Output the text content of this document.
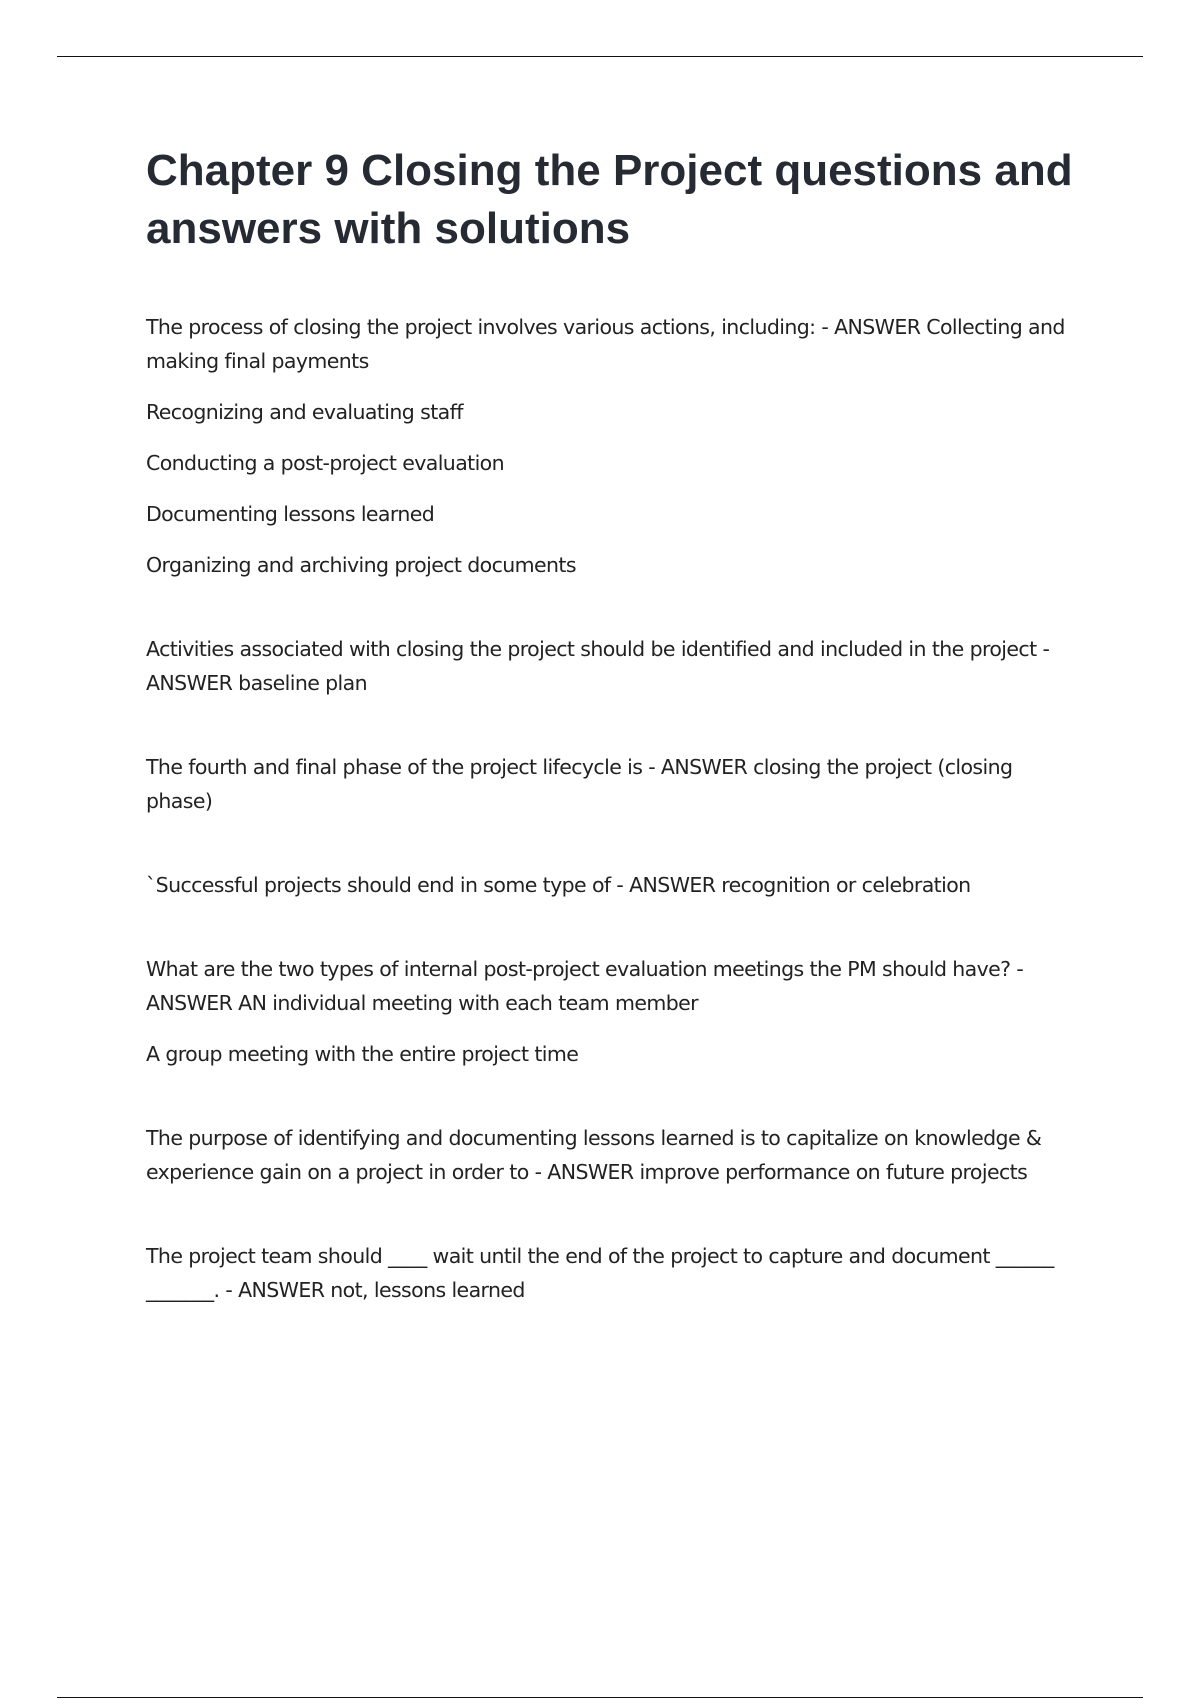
Chapter 9 Closing the Project questions and answers with solutions

The process of closing the project involves various actions, including: - ANSWER Collecting and making final payments

Recognizing and evaluating staff

Conducting a post-project evaluation

Documenting lessons learned

Organizing and archiving project documents

Activities associated with closing the project should be identified and included in the project - ANSWER baseline plan

The fourth and final phase of the project lifecycle is - ANSWER closing the project (closing phase)

`Successful projects should end in some type of - ANSWER recognition or celebration

What are the two types of internal post-project evaluation meetings the PM should have? - ANSWER AN individual meeting with each team member

A group meeting with the entire project time

The purpose of identifying and documenting lessons learned is to capitalize on knowledge & experience gain on a project in order to - ANSWER improve performance on future projects

The project team should ____ wait until the end of the project to capture and document ______ _______. - ANSWER not, lessons learned
